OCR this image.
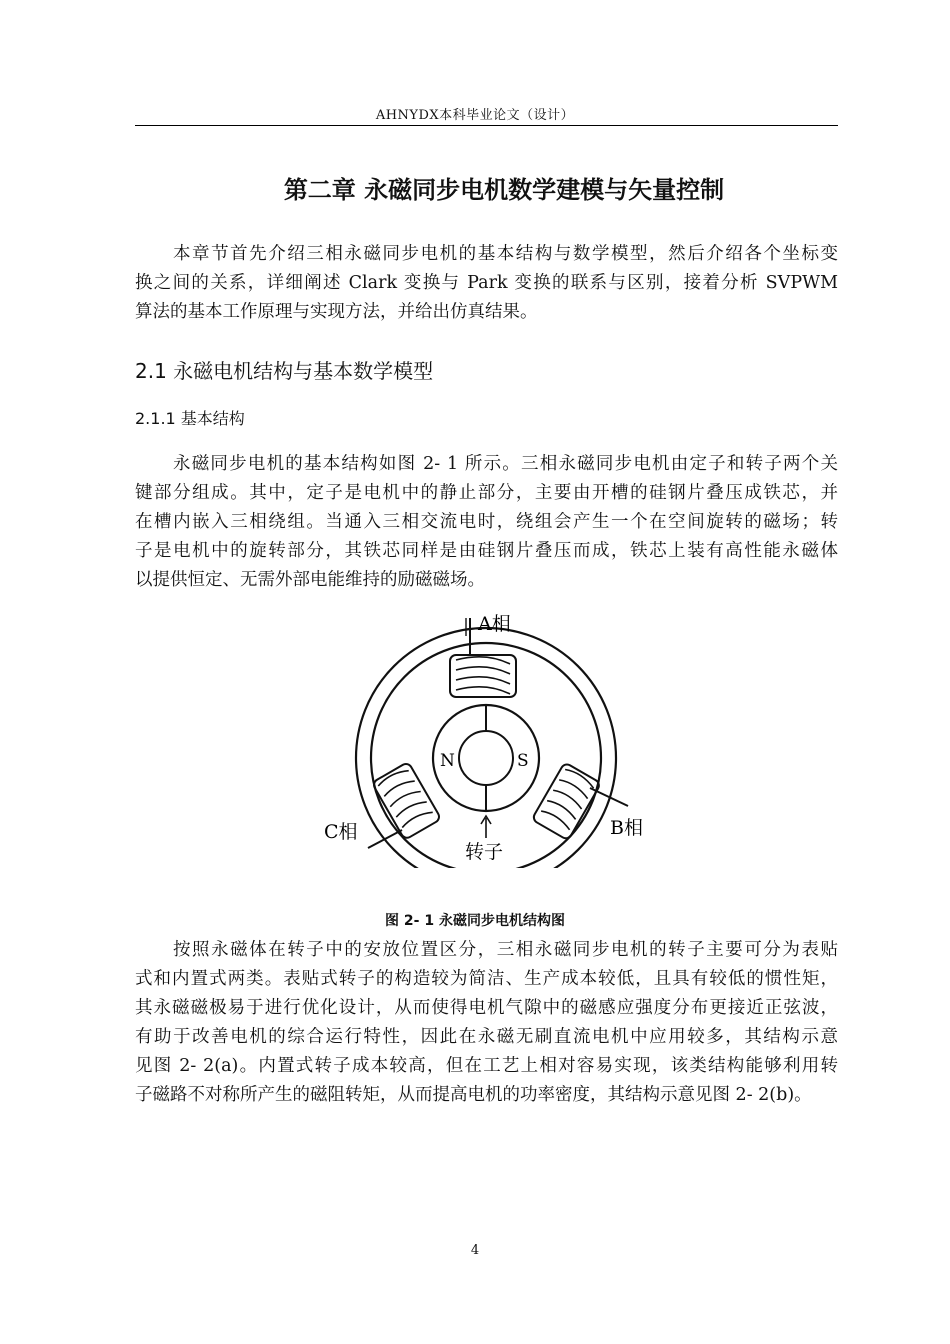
AHNYDX本科毕业论文（设计）
第二章 永磁同步电机数学建模与矢量控制
本章节首先介绍三相永磁同步电机的基本结构与数学模型，然后介绍各个坐标变
换之间的关系，详细阐述 Clark 变换与 Park 变换的联系与区别，接着分析 SVPWM
算法的基本工作原理与实现方法，并给出仿真结果。
2.1 永磁电机结构与基本数学模型
2.1.1 基本结构
永磁同步电机的基本结构如图 2- 1 所示。三相永磁同步电机由定子和转子两个关
键部分组成。其中，定子是电机中的静止部分，主要由开槽的硅钢片叠压成铁芯，并
在槽内嵌入三相绕组。当通入三相交流电时，绕组会产生一个在空间旋转的磁场；转
子是电机中的旋转部分，其铁芯同样是由硅钢片叠压而成，铁芯上装有高性能永磁体
以提供恒定、无需外部电能维持的励磁磁场。
A相
B相
C相
N	S
转子
图 2- 1 永磁同步电机结构图
按照永磁体在转子中的安放位置区分，三相永磁同步电机的转子主要可分为表贴
式和内置式两类。表贴式转子的构造较为简洁、生产成本较低，且具有较低的惯性矩，
其永磁磁极易于进行优化设计，从而使得电机气隙中的磁感应强度分布更接近正弦波，
有助于改善电机的综合运行特性，因此在永磁无刷直流电机中应用较多，其结构示意
见图 2- 2(a)。内置式转子成本较高，但在工艺上相对容易实现，该类结构能够利用转
子磁路不对称所产生的磁阻转矩，从而提高电机的功率密度，其结构示意见图 2- 2(b)。
4
